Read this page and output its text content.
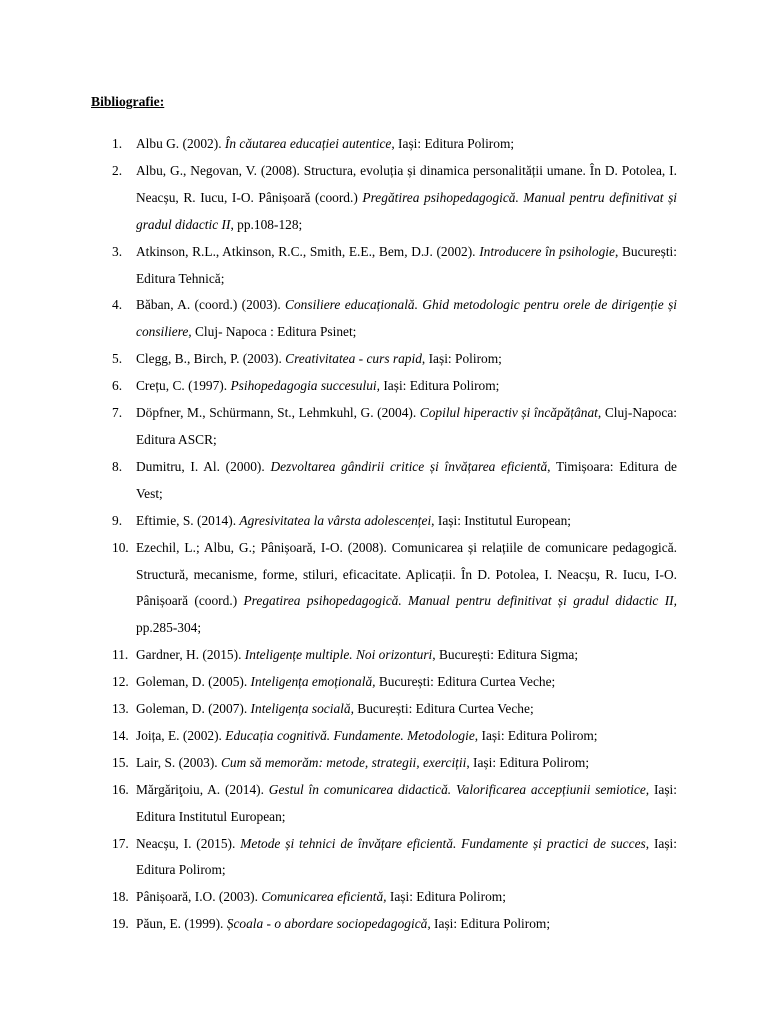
Bibliografie:

1. Albu G. (2002). În căutarea educației autentice, Iași: Editura Polirom;
2. Albu, G., Negovan, V. (2008). Structura, evoluția și dinamica personalității umane. În D. Potolea, I. Neacșu, R. Iucu, I-O. Pânișoară (coord.) Pregătirea psihopedagogică. Manual pentru definitivat și gradul didactic II, pp.108-128;
3. Atkinson, R.L., Atkinson, R.C., Smith, E.E., Bem, D.J. (2002). Introducere în psihologie, București: Editura Tehnică;
4. Băban, A. (coord.) (2003). Consiliere educațională. Ghid metodologic pentru orele de dirigenție și consiliere, Cluj- Napoca : Editura Psinet;
5. Clegg, B., Birch, P. (2003). Creativitatea - curs rapid, Iași: Polirom;
6. Crețu, C. (1997). Psihopedagogia succesului, Iași: Editura Polirom;
7. Döpfner, M., Schürmann, St., Lehmkuhl, G. (2004). Copilul hiperactiv și încăpățânat, Cluj-Napoca: Editura ASCR;
8. Dumitru, I. Al. (2000). Dezvoltarea gândirii critice și învățarea eficientă, Timișoara: Editura de Vest;
9. Eftimie, S. (2014). Agresivitatea la vârsta adolescenței, Iași: Institutul European;
10. Ezechil, L.; Albu, G.; Pânișoară, I-O. (2008). Comunicarea și relațiile de comunicare pedagogică. Structură, mecanisme, forme, stiluri, eficacitate. Aplicații. În D. Potolea, I. Neacșu, R. Iucu, I-O. Pânișoară (coord.) Pregatirea psihopedagogică. Manual pentru definitivat și gradul didactic II, pp.285-304;
11. Gardner, H. (2015). Inteligențe multiple. Noi orizonturi, București: Editura Sigma;
12. Goleman, D. (2005). Inteligența emoțională, București: Editura Curtea Veche;
13. Goleman, D. (2007). Inteligența socială, București: Editura Curtea Veche;
14. Joița, E. (2002). Educația cognitivă. Fundamente. Metodologie, Iași: Editura Polirom;
15. Lair, S. (2003). Cum să memorăm: metode, strategii, exerciții, Iași: Editura Polirom;
16. Mărgăriţoiu, A. (2014). Gestul în comunicarea didactică. Valorificarea accepțiunii semiotice, Iași: Editura Institutul European;
17. Neacșu, I. (2015). Metode și tehnici de învățare eficientă. Fundamente și practici de succes, Iași: Editura Polirom;
18. Pânișoară, I.O. (2003). Comunicarea eficientă, Iași: Editura Polirom;
19. Păun, E. (1999). Școala - o abordare sociopedagogică, Iași: Editura Polirom;
